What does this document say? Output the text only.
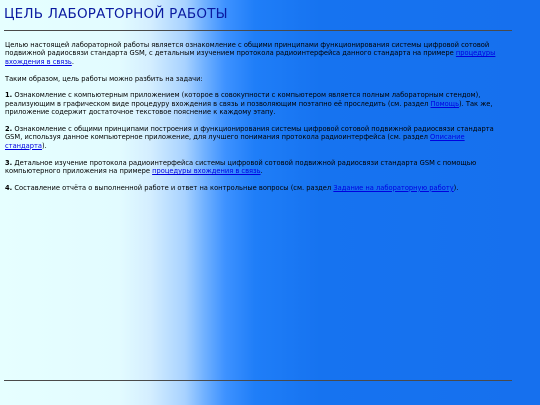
ЦЕЛЬ ЛАБОРАТОРНОЙ РАБОТЫ

Целью настоящей лабораторной работы является ознакомление с общими принципами функционирования системы цифровой сотовой подвижной радиосвязи стандарта GSM, с детальным изучением протокола радиоинтерфейса данного стандарта на примере процедуры вхождения в связь.

Таким образом, цель работы можно разбить на задачи:

1. Ознакомление с компьютерным приложением (которое в совокупности с компьютером является полным лабораторным стендом), реализующим в графическом виде процедуру вхождения в связь и позволяющим поэтапно её проследить (см. раздел Помощь). Так же, приложение содержит достаточное текстовое пояснение к каждому этапу.

2. Ознакомление с общими принципами построения и функционирования системы цифровой сотовой подвижной радиосвязи стандарта GSM, используя данное компьютерное приложение, для лучшего понимания протокола радиоинтерфейса (см. раздел Описание стандарта).

3. Детальное изучение протокола радиоинтерфейса системы цифровой сотовой подвижной радиосвязи стандарта GSM с помощью компьютерного приложения на примере процедуры вхождения в связь.

4. Составление отчёта о выполненной работе и ответ на контрольные вопросы (см. раздел Задание на лабораторную работу).
